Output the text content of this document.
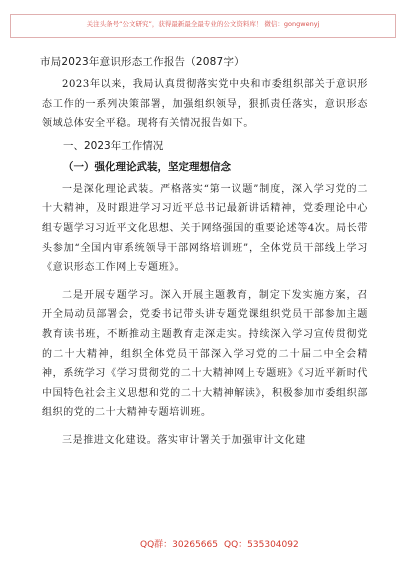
关注头条号“公文研究”，获得最新最全最专业的公文资料库！ 微信：gongwenyj
市局2023年意识形态工作报告（2087字）

2023年以来，我局认真贯彻落实党中央和市委组织部关于意识形态工作的一系列决策部署，加强组织领导，狠抓责任落实，意识形态领域总体安全平稳。现将有关情况报告如下。

一、2023年工作情况
（一）强化理论武装，坚定理想信念

一是深化理论武装。严格落实“第一议题”制度，深入学习党的二十大精神，及时跟进学习习近平总书记最新讲话精神，党委理论中心组专题学习习近平文化思想、关于网络强国的重要论述等4次。局长带头参加“全国内审系统领导干部网络培训班”，全体党员干部线上学习《意识形态工作网上专题班》。

二是开展专题学习。深入开展主题教育，制定下发实施方案，召开全局动员部署会，党委书记带头讲专题党课组织党员干部参加主题教育读书班，不断推动主题教育走深走实。持续深入学习宣传贯彻党的二十大精神，组织全体党员干部深入学习党的二十届二中全会精神，系统学习《学习贯彻党的二十大精神网上专题班》《习近平新时代中国特色社会主义思想和党的二十大精神解读》，积极参加市委组织部组织的党的二十大精神专题培训班。

三是推进文化建设。落实审计署关于加强审计文化建

QQ群：30265665 QQ：535304092
